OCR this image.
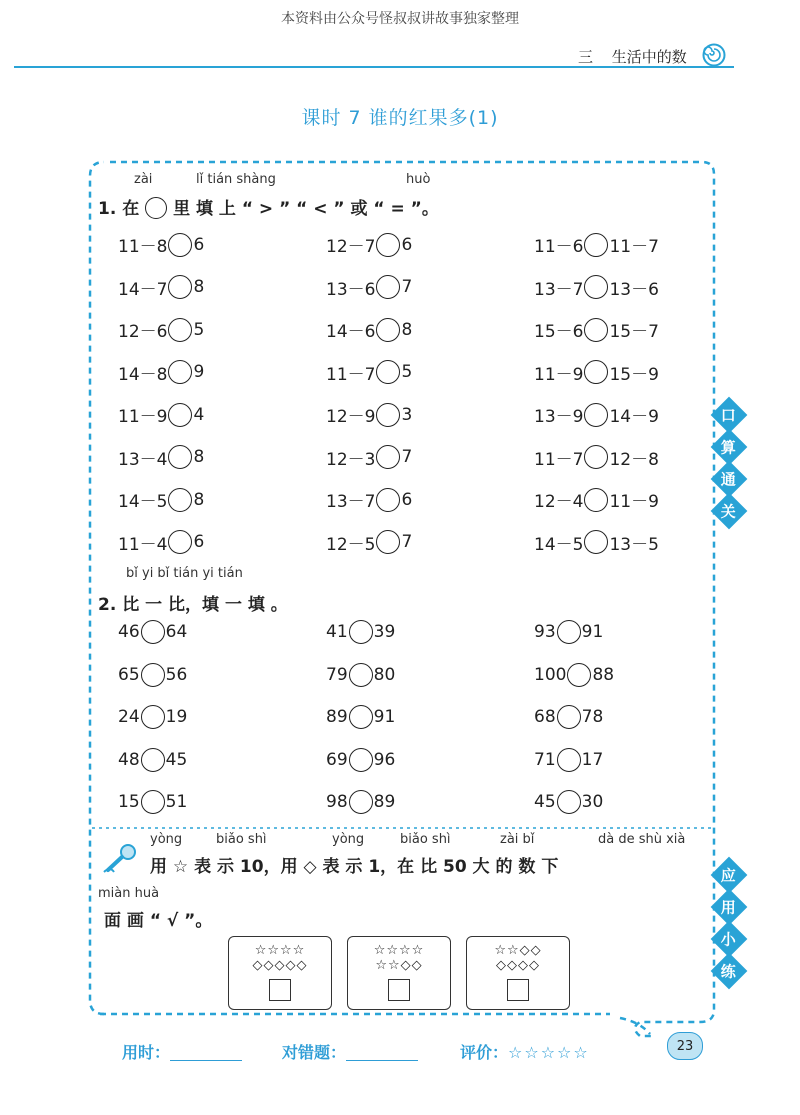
本资料由公众号怪叔叔讲故事独家整理
三 生活中的数
课时 7 谁的红果多(1)
zài	lǐ tián shàng	huò
1. 在 里 填 上 “ > ” “ < ” 或 “ = ”。
11－8 6	12－7 6	11－6 11－7
14－7 8	13－6 7	13－7 13－6
12－6 5	14－6 8	15－6 15－7
14－8 9	11－7 5	11－9 15－9
11－9 4	12－9 3	13－9 14－9
13－4 8	12－3 7	11－7 12－8
14－5 8	13－7 6	12－4 11－9
11－4 6	12－5 7	14－5 13－5
bǐ yi bǐ tián yi tián
2. 比 一 比，填 一 填 。
46 64	41 39	93 91
65 56	79 80	100 88
24 19	89 91	68 78
48 45	69 96	71 17
15 51	98 89	45 30
口
算
通
关
应
用
小
练
yòng	biǎo shì	yòng	biǎo shì	zài bǐ	dà de shù xià
用 ☆ 表 示 10，用 ◇ 表 示 1，在 比 50 大 的 数 下
miàn huà
面 画 “ √ ”。
☆☆☆☆
◇◇◇◇◇
☆☆☆☆
☆☆◇◇
☆☆◇◇
◇◇◇◇
用时：	对错题：	评价：☆☆☆☆☆	23
